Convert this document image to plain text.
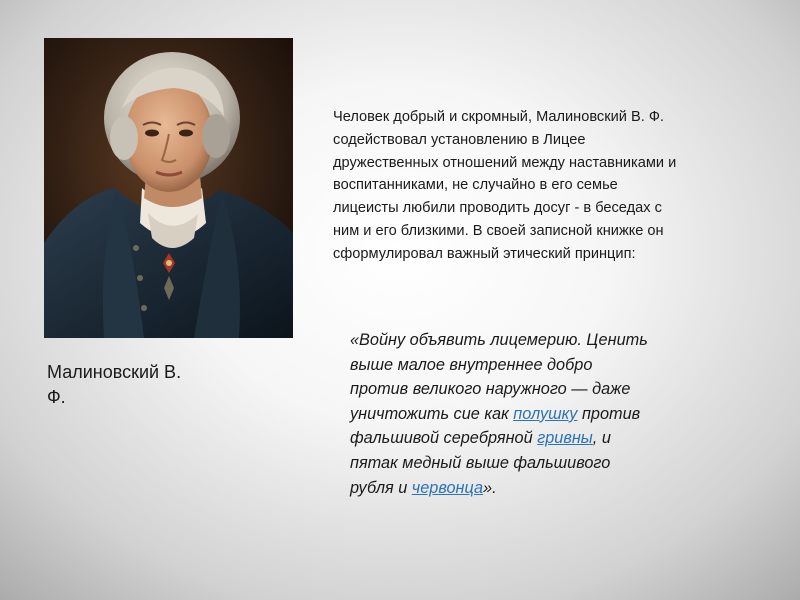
Малиновский В.
Ф.
Человек добрый и скромный, Малиновский В. Ф.
содействовал установлению в Лицее
дружественных отношений между наставниками и
воспитанниками, не случайно в его семье
лицеисты любили проводить досуг - в беседах с
ним и его близкими. В своей записной книжке он
сформулировал важный этический принцип:
«Войну объявить лицемерию. Ценить
выше малое внутреннее добро
против великого наружного — даже
уничтожить сие как полушку против
фальшивой серебряной гривны, и
пятак медный выше фальшивого
рубля и червонца».
